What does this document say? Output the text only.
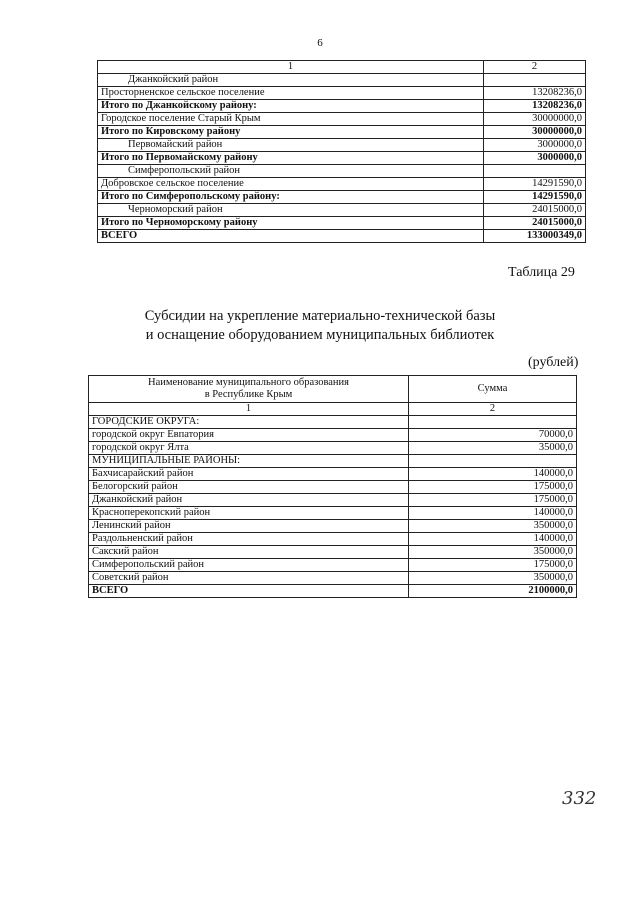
6
1	2
Джанкойский район	
Просторненское сельское поселение	13208236,0
Итого по Джанкойскому району:	13208236,0
Городское поселение Старый Крым	30000000,0
Итого по Кировскому району	30000000,0
Первомайский район	3000000,0
Итого по Первомайскому району	3000000,0
Симферопольский район	
Добровское сельское поселение	14291590,0
Итого по Симферопольскому району:	14291590,0
Черноморский район	24015000,0
Итого по Черноморскому району	24015000,0
ВСЕГО	133000349,0
Таблица 29
Субсидии на укрепление материально-технической базы
и оснащение оборудованием муниципальных библиотек
(рублей)
Наименование муниципального образования
в Республике Крым	Сумма
1	2
ГОРОДСКИЕ ОКРУГА:	
городской округ Евпатория	70000,0
городской округ Ялта	35000,0
МУНИЦИПАЛЬНЫЕ РАЙОНЫ:	
Бахчисарайский район	140000,0
Белогорский район	175000,0
Джанкойский район	175000,0
Красноперекопский район	140000,0
Ленинский район	350000,0
Раздольненский район	140000,0
Сакский район	350000,0
Симферопольский район	175000,0
Советский район	350000,0
ВСЕГО	2100000,0
332
